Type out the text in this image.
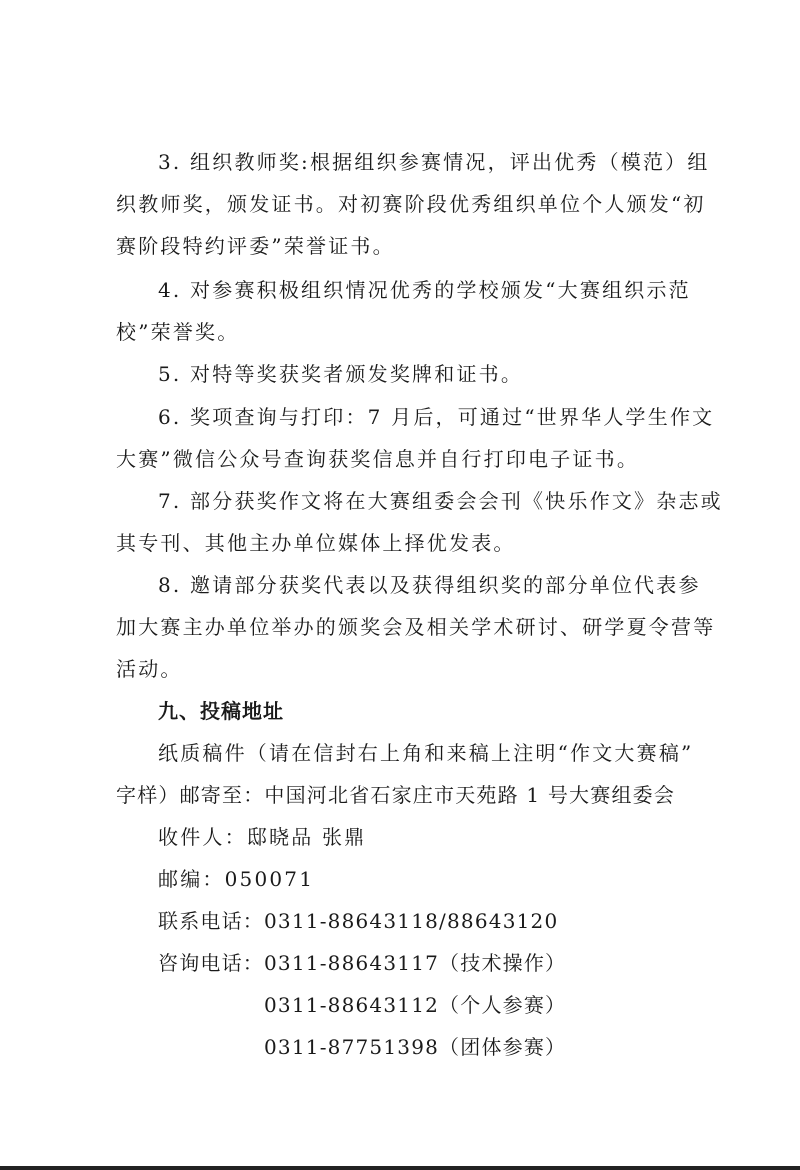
3. 组织教师奖:根据组织参赛情况，评出优秀（模范）组
织教师奖，颁发证书。对初赛阶段优秀组织单位个人颁发“初
赛阶段特约评委”荣誉证书。
4. 对参赛积极组织情况优秀的学校颁发“大赛组织示范
校”荣誉奖。
5. 对特等奖获奖者颁发奖牌和证书。
6. 奖项查询与打印：7 月后，可通过“世界华人学生作文
大赛”微信公众号查询获奖信息并自行打印电子证书。
7. 部分获奖作文将在大赛组委会会刊《快乐作文》杂志或
其专刊、其他主办单位媒体上择优发表。
8. 邀请部分获奖代表以及获得组织奖的部分单位代表参
加大赛主办单位举办的颁奖会及相关学术研讨、研学夏令营等
活动。
九、投稿地址
纸质稿件（请在信封右上角和来稿上注明“作文大赛稿”
字样）邮寄至：中国河北省石家庄市天苑路 1 号大赛组委会
收件人：邸晓品 张鼎
邮编：050071
联系电话：0311-88643118/88643120
咨询电话：0311-88643117（技术操作）
0311-88643112（个人参赛）
0311-87751398（团体参赛）
